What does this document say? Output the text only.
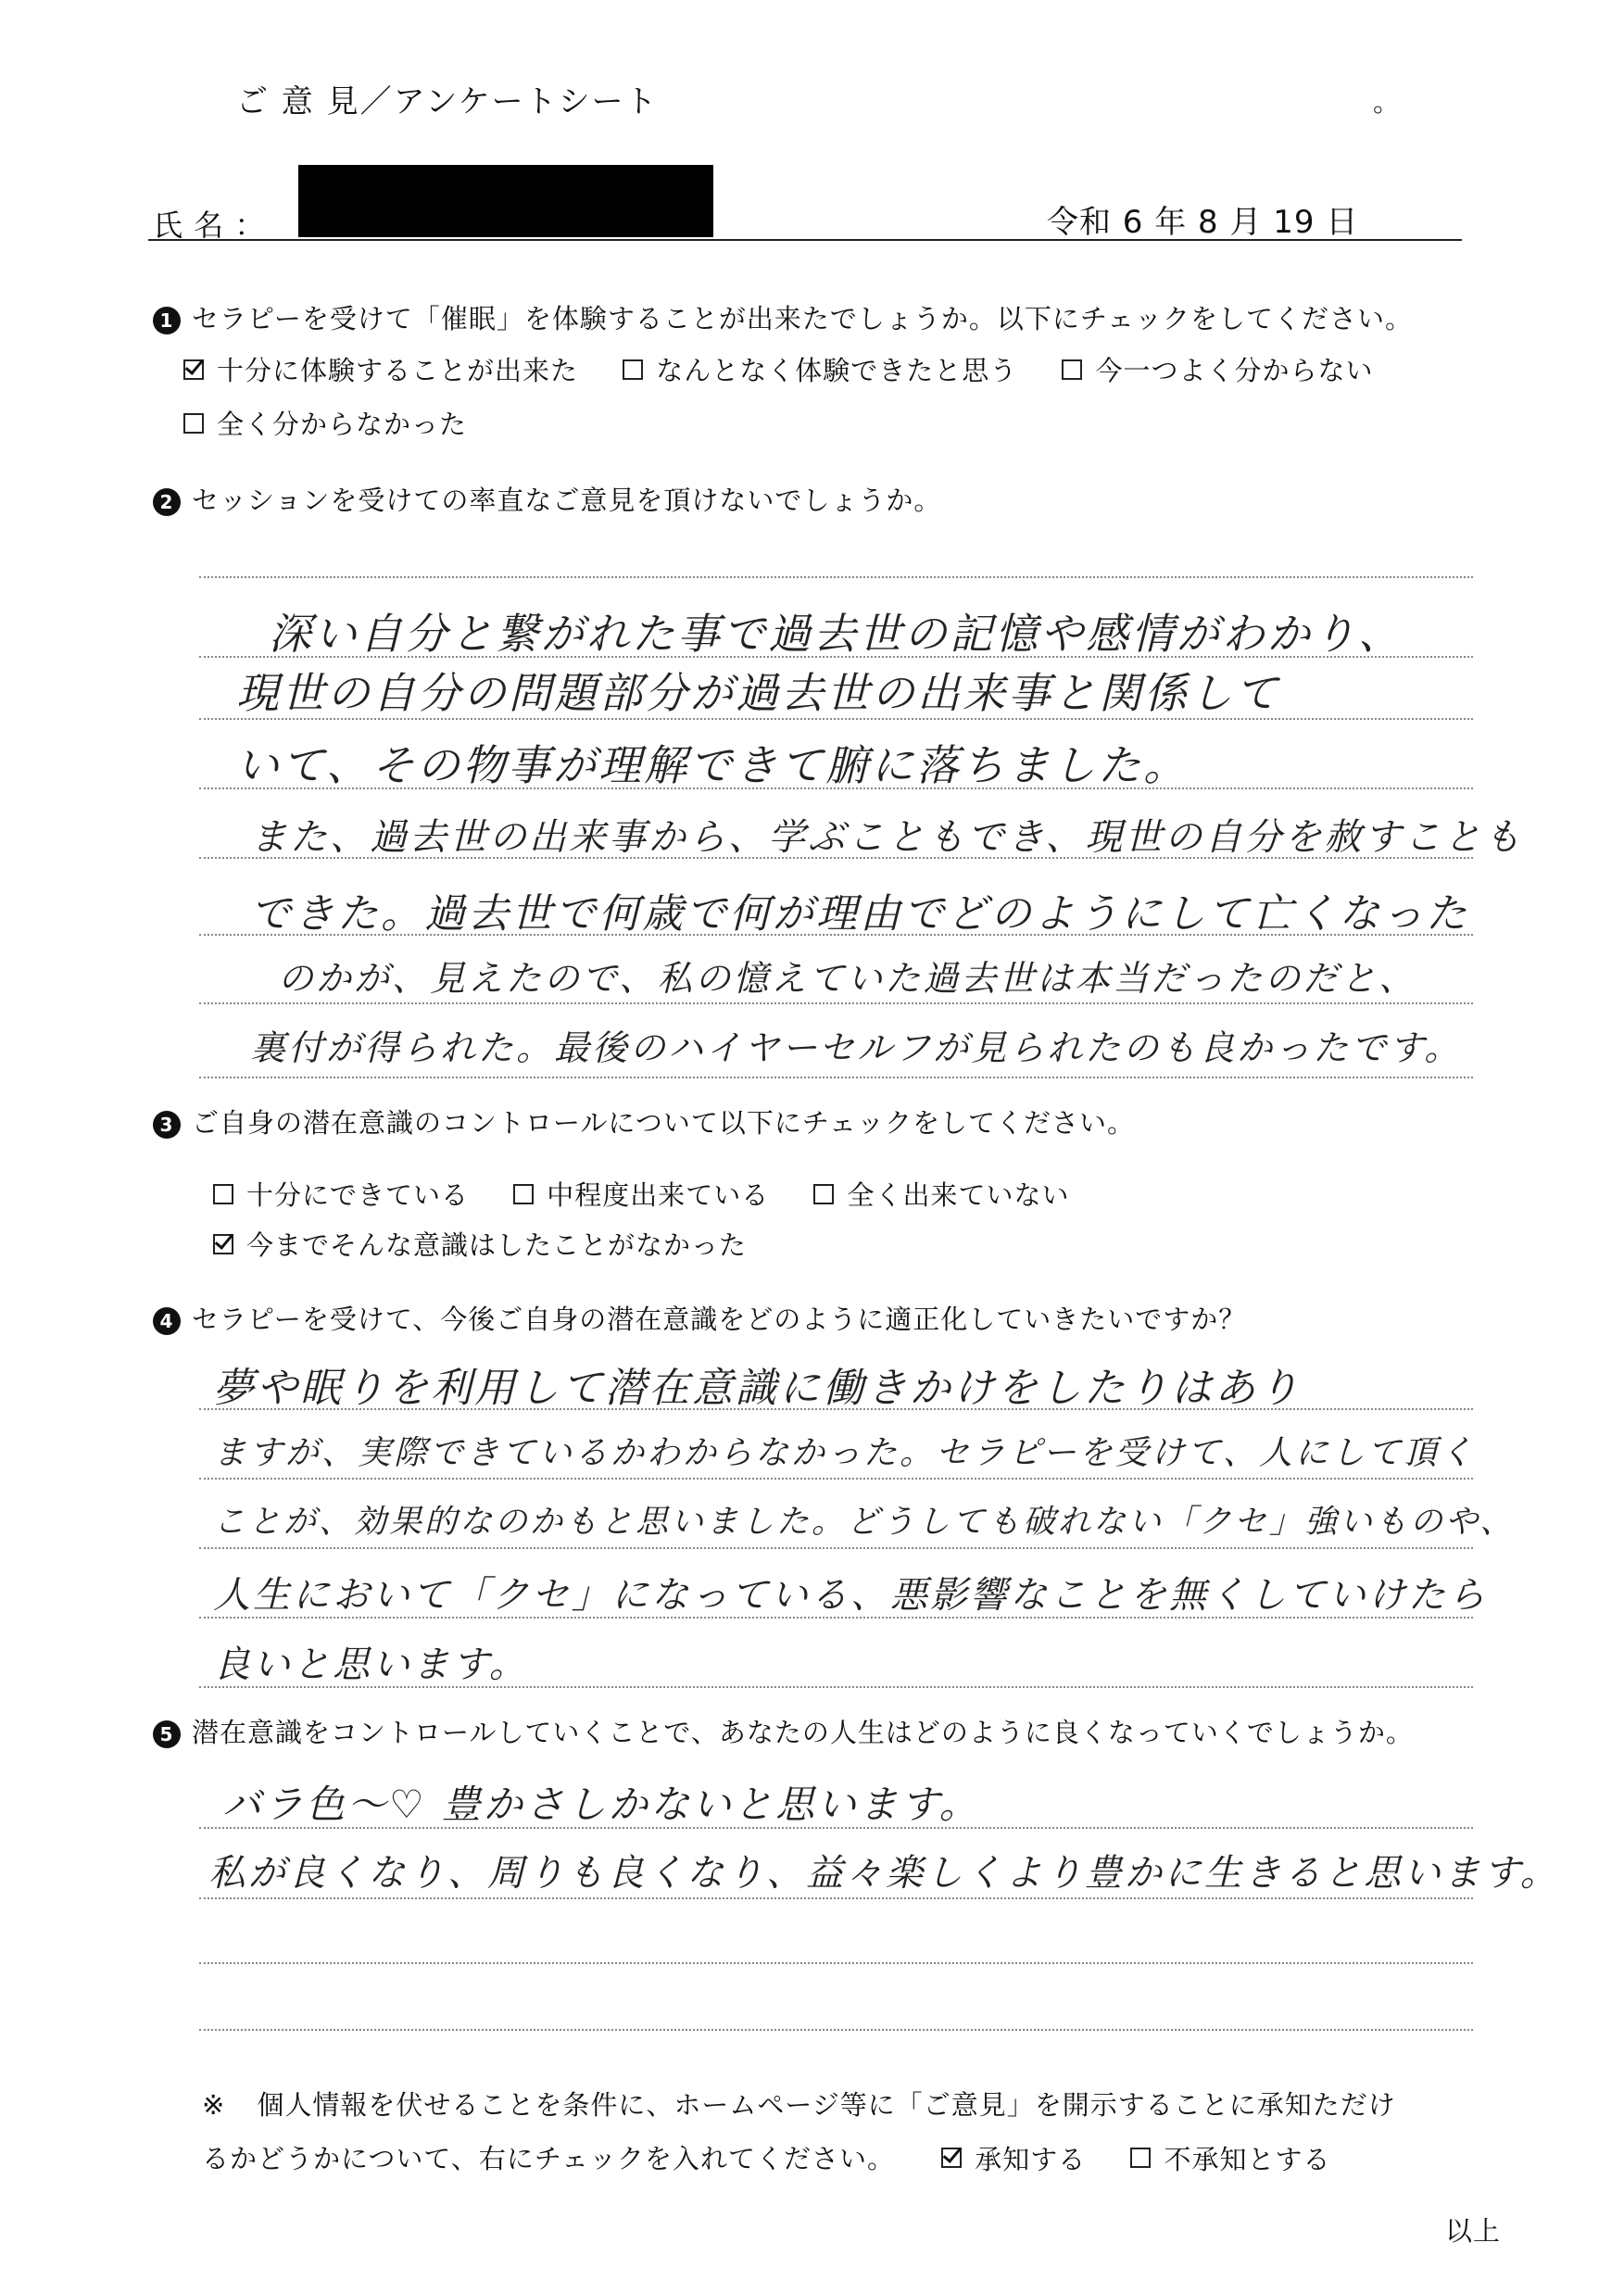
ご 意 見／アンケートシート	。
氏 名 ：	令和 6 年 8 月 19 日
1 セラピーを受けて「催眠」を体験することが出来たでしょうか。以下にチェックをしてください。
十分に体験することが出来た
	なんとなく体験できたと思う
	今一つよく分からない
全く分からなかった
2 セッションを受けての率直なご意見を頂けないでしょうか。
深い自分と繋がれた事で過去世の記憶や感情がわかり、
現世の自分の問題部分が過去世の出来事と関係して
いて、その物事が理解できて腑に落ちました。
また、過去世の出来事から、学ぶこともでき、現世の自分を赦すことも
できた。過去世で何歳で何が理由でどのようにして亡くなった
のかが、見えたので、私の憶えていた過去世は本当だったのだと、
裏付が得られた。最後のハイヤーセルフが見られたのも良かったです。
3 ご自身の潜在意識のコントロールについて以下にチェックをしてください。
十分にできている
	中程度出来ている
	全く出来ていない
今までそんな意識はしたことがなかった
4 セラピーを受けて、今後ご自身の潜在意識をどのように適正化していきたいですか？
夢や眠りを利用して潜在意識に働きかけをしたりはあり
ますが、実際できているかわからなかった。セラピーを受けて、人にして頂く
ことが、効果的なのかもと思いました。どうしても破れない「クセ」強いものや、
人生において「クセ」になっている、悪影響なことを無くしていけたら
良いと思います。
5 潜在意識をコントロールしていくことで、あなたの人生はどのように良くなっていくでしょうか。
バラ色〜♡ 豊かさしかないと思います。
私が良くなり、周りも良くなり、益々楽しくより豊かに生きると思います。
※ 個人情報を伏せることを条件に、ホームページ等に「ご意見」を開示することに承知ただけ
るかどうかについて、右にチェックを入れてください。	承知する
	不承知とする
以上
